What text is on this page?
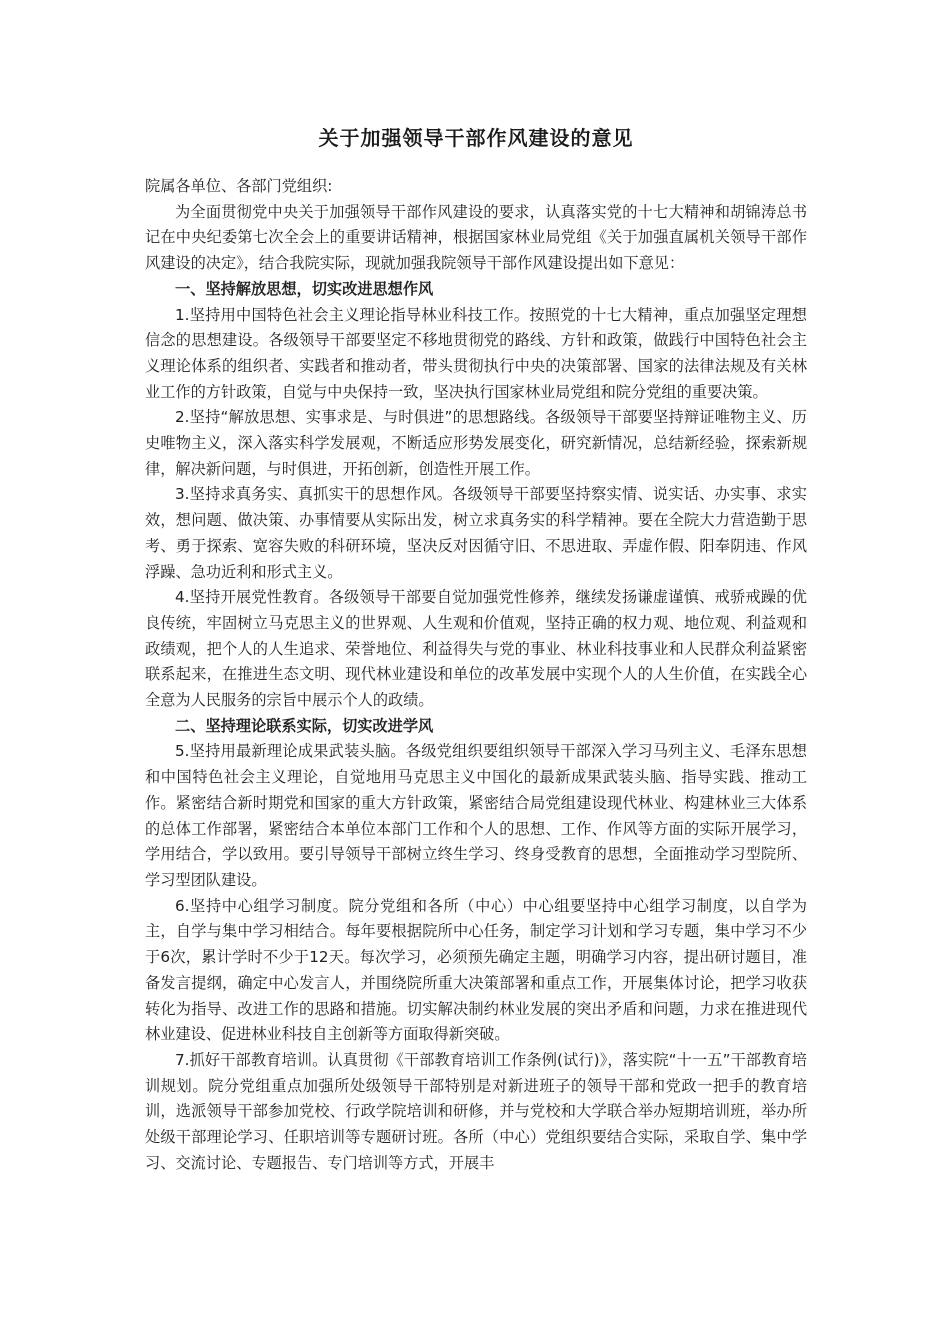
关于加强领导干部作风建设的意见

院属各单位、各部门党组织:

为全面贯彻党中央关于加强领导干部作风建设的要求，认真落实党的十七大精神和胡锦涛总书记在中央纪委第七次全会上的重要讲话精神，根据国家林业局党组《关于加强直属机关领导干部作风建设的决定》，结合我院实际，现就加强我院领导干部作风建设提出如下意见：

一、坚持解放思想，切实改进思想作风

1.坚持用中国特色社会主义理论指导林业科技工作。按照党的十七大精神，重点加强坚定理想信念的思想建设。各级领导干部要坚定不移地贯彻党的路线、方针和政策，做践行中国特色社会主义理论体系的组织者、实践者和推动者，带头贯彻执行中央的决策部署、国家的法律法规及有关林业工作的方针政策，自觉与中央保持一致，坚决执行国家林业局党组和院分党组的重要决策。

2.坚持“解放思想、实事求是、与时俱进”的思想路线。各级领导干部要坚持辩证唯物主义、历史唯物主义，深入落实科学发展观，不断适应形势发展变化，研究新情况，总结新经验，探索新规律，解决新问题，与时俱进，开拓创新，创造性开展工作。

3.坚持求真务实、真抓实干的思想作风。各级领导干部要坚持察实情、说实话、办实事、求实效，想问题、做决策、办事情要从实际出发，树立求真务实的科学精神。要在全院大力营造勤于思考、勇于探索、宽容失败的科研环境，坚决反对因循守旧、不思进取、弄虚作假、阳奉阴违、作风浮躁、急功近利和形式主义。

4.坚持开展党性教育。各级领导干部要自觉加强党性修养，继续发扬谦虚谨慎、戒骄戒躁的优良传统，牢固树立马克思主义的世界观、人生观和价值观，坚持正确的权力观、地位观、利益观和政绩观，把个人的人生追求、荣誉地位、利益得失与党的事业、林业科技事业和人民群众利益紧密联系起来，在推进生态文明、现代林业建设和单位的改革发展中实现个人的人生价值，在实践全心全意为人民服务的宗旨中展示个人的政绩。

二、坚持理论联系实际，切实改进学风

5.坚持用最新理论成果武装头脑。各级党组织要组织领导干部深入学习马列主义、毛泽东思想和中国特色社会主义理论，自觉地用马克思主义中国化的最新成果武装头脑、指导实践、推动工作。紧密结合新时期党和国家的重大方针政策，紧密结合局党组建设现代林业、构建林业三大体系的总体工作部署，紧密结合本单位本部门工作和个人的思想、工作、作风等方面的实际开展学习，学用结合，学以致用。要引导领导干部树立终生学习、终身受教育的思想，全面推动学习型院所、学习型团队建设。

6.坚持中心组学习制度。院分党组和各所（中心）中心组要坚持中心组学习制度，以自学为主，自学与集中学习相结合。每年要根据院所中心任务，制定学习计划和学习专题，集中学习不少于6次，累计学时不少于12天。每次学习，必须预先确定主题，明确学习内容，提出研讨题目，准备发言提纲，确定中心发言人，并围绕院所重大决策部署和重点工作，开展集体讨论，把学习收获转化为指导、改进工作的思路和措施。切实解决制约林业发展的突出矛盾和问题，力求在推进现代林业建设、促进林业科技自主创新等方面取得新突破。

7.抓好干部教育培训。认真贯彻《干部教育培训工作条例(试行)》，落实院“十一五”干部教育培训规划。院分党组重点加强所处级领导干部特别是对新进班子的领导干部和党政一把手的教育培训，选派领导干部参加党校、行政学院培训和研修，并与党校和大学联合举办短期培训班，举办所处级干部理论学习、任职培训等专题研讨班。各所（中心）党组织要结合实际，采取自学、集中学习、交流讨论、专题报告、专门培训等方式，开展丰
